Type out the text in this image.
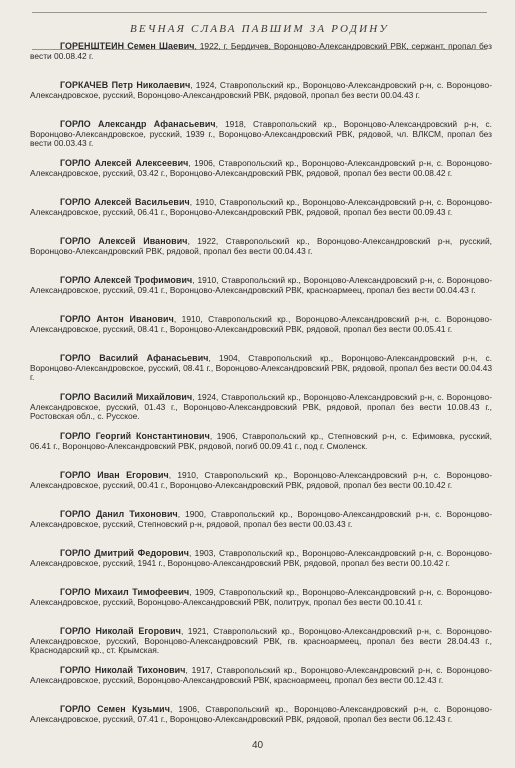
ВЕЧНАЯ СЛАВА ПАВШИМ ЗА РОДИНУ
ГОРЕНШТЕЙН Семен Шаевич, 1922, г. Бердичев, Воронцово-Александровский РВК, сержант, пропал без вести 00.08.42 г.
ГОРКАЧЕВ Петр Николаевич, 1924, Ставропольский кр., Воронцово-Александровский р-н, с. Воронцово-Александровское, русский, Воронцово-Александровский РВК, рядовой, пропал без вести 00.04.43 г.
ГОРЛО Александр Афанасьевич, 1918, Ставропольский кр., Воронцово-Александровский р-н, с. Воронцово-Александровское, русский, 1939 г., Воронцово-Александровский РВК, рядовой, чл. ВЛКСМ, пропал без вести 00.03.43 г.
ГОРЛО Алексей Алексеевич, 1906, Ставропольский кр., Воронцово-Александровский р-н, с. Воронцово-Александровское, русский, 03.42 г., Воронцово-Александровский РВК, рядовой, пропал без вести 00.08.42 г.
ГОРЛО Алексей Васильевич, 1910, Ставропольский кр., Воронцово-Александровский р-н, с. Воронцово-Александровское, русский, 06.41 г., Воронцово-Александровский РВК, рядовой, пропал без вести 00.09.43 г.
ГОРЛО Алексей Иванович, 1922, Ставропольский кр., Воронцово-Александровский р-н, русский, Воронцово-Александровский РВК, рядовой, пропал без вести 00.04.43 г.
ГОРЛО Алексей Трофимович, 1910, Ставропольский кр., Воронцово-Александровский р-н, с. Воронцово-Александровское, русский, 09.41 г., Воронцово-Александровский РВК, красноармеец, пропал без вести 00.04.43 г.
ГОРЛО Антон Иванович, 1910, Ставропольский кр., Воронцово-Александровский р-н, с. Воронцово-Александровское, русский, 08.41 г., Воронцово-Александровский РВК, рядовой, пропал без вести 00.05.41 г.
ГОРЛО Василий Афанасьевич, 1904, Ставропольский кр., Воронцово-Александровский р-н, с. Воронцово-Александровское, русский, 08.41 г., Воронцово-Александровский РВК, рядовой, пропал без вести 00.04.43 г.
ГОРЛО Василий Михайлович, 1924, Ставропольский кр., Воронцово-Александровский р-н, с. Воронцово-Александровское, русский, 01.43 г., Воронцово-Александровский РВК, рядовой, пропал без вести 10.08.43 г., Ростовская обл., с. Русское.
ГОРЛО Георгий Константинович, 1906, Ставропольский кр., Степновский р-н, с. Ефимовка, русский, 06.41 г., Воронцово-Александровский РВК, рядовой, погиб 00.09.41 г., под г. Смоленск.
ГОРЛО Иван Егорович, 1910, Ставропольский кр., Воронцово-Александровский р-н, с. Воронцово-Александровское, русский, 00.41 г., Воронцово-Александровский РВК, рядовой, пропал без вести 00.10.42 г.
ГОРЛО Данил Тихонович, 1900, Ставропольский кр., Воронцово-Александровский р-н, с. Воронцово-Александровское, русский, Степновский р-н, рядовой, пропал без вести 00.03.43 г.
ГОРЛО Дмитрий Федорович, 1903, Ставропольский кр., Воронцово-Александровский р-н, с. Воронцово-Александровское, русский, 1941 г., Воронцово-Александровский РВК, рядовой, пропал без вести 00.10.42 г.
ГОРЛО Михаил Тимофеевич, 1909, Ставропольский кр., Воронцово-Александровский р-н, с. Воронцово-Александровское, русский, Воронцово-Александровский РВК, политрук, пропал без вести 00.10.41 г.
ГОРЛО Николай Егорович, 1921, Ставропольский кр., Воронцово-Александровский р-н, с. Воронцово-Александровское, русский, Воронцово-Александровский РВК, гв. красноармеец, пропал без вести 28.04.43 г., Краснодарский кр., ст. Крымская.
ГОРЛО Николай Тихонович, 1917, Ставропольский кр., Воронцово-Александровский р-н, с. Воронцово-Александровское, русский, Воронцово-Александровский РВК, красноармеец, пропал без вести 00.12.43 г.
ГОРЛО Семен Кузьмич, 1906, Ставропольский кр., Воронцово-Александровский р-н, с. Воронцово-Александровское, русский, 07.41 г., Воронцово-Александровский РВК, рядовой, пропал без вести 06.12.43 г.
40
